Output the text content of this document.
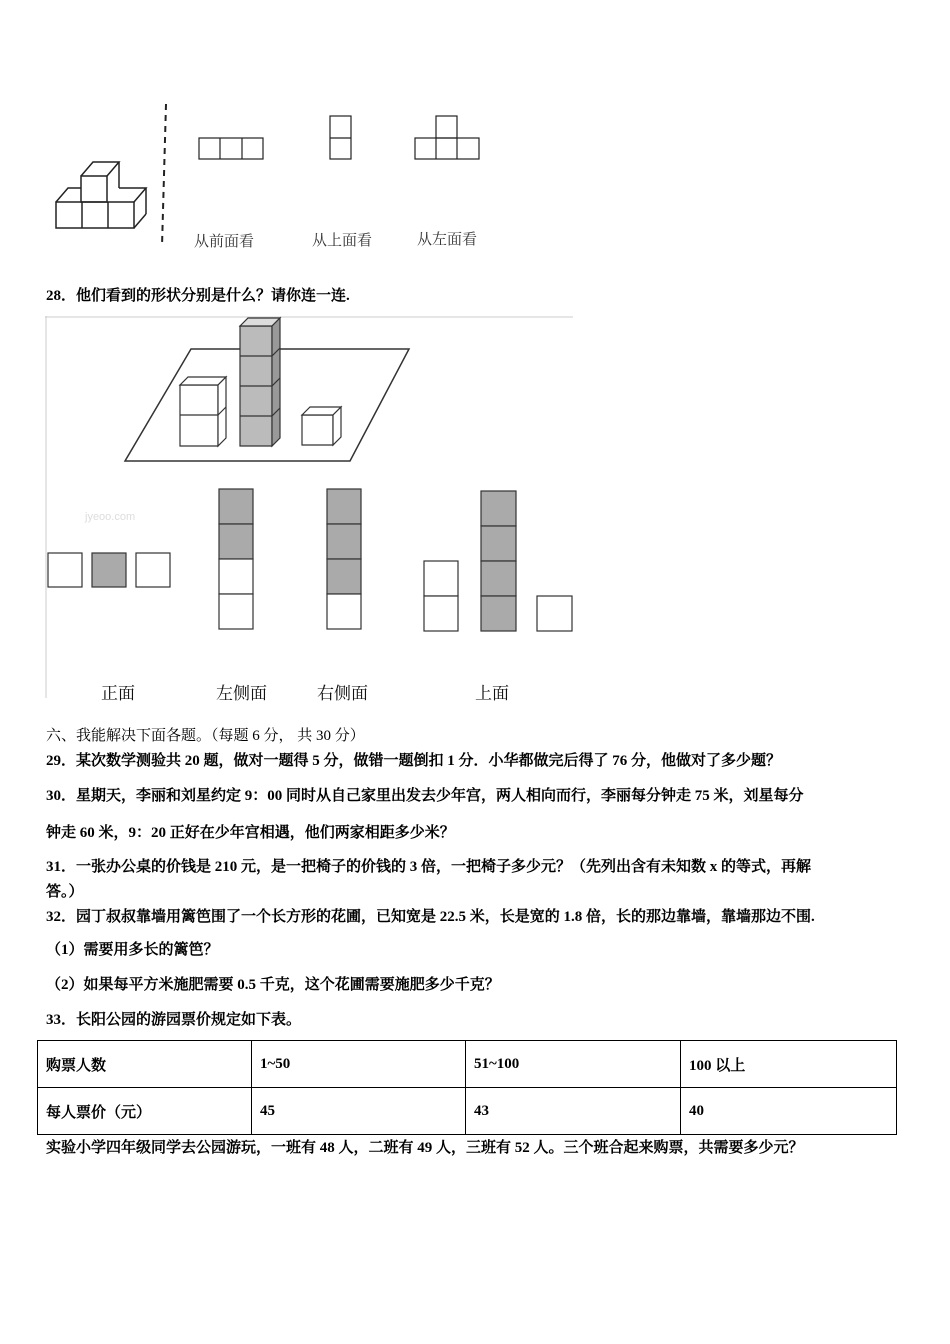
从前面看	从上面看	从左面看
28．他们看到的形状分别是什么？请你连一连.
jyeoo.com
正面	左侧面	右侧面	上面
六、我能解决下面各题。（每题 6 分， 共 30 分）
29．某次数学测验共 20 题，做对一题得 5 分，做错一题倒扣 1 分．小华都做完后得了 76 分，他做对了多少题？
30．星期天，李丽和刘星约定 9：00 同时从自己家里出发去少年宫，两人相向而行，李丽每分钟走 75 米，刘星每分
钟走 60 米，9：20 正好在少年宫相遇，他们两家相距多少米？
31．一张办公桌的价钱是 210 元，是一把椅子的价钱的 3 倍，一把椅子多少元？（先列出含有未知数 x 的等式，再解
答。）
32．园丁叔叔靠墙用篱笆围了一个长方形的花圃，已知宽是 22.5 米，长是宽的 1.8 倍，长的那边靠墙，靠墙那边不围.
（1）需要用多长的篱笆？
（2）如果每平方米施肥需要 0.5 千克，这个花圃需要施肥多少千克？
33．长阳公园的游园票价规定如下表。
购票人数	1~50	51~100	100 以上
每人票价（元）	45	43	40
实验小学四年级同学去公园游玩，一班有 48 人，二班有 49 人，三班有 52 人。三个班合起来购票，共需要多少元？
